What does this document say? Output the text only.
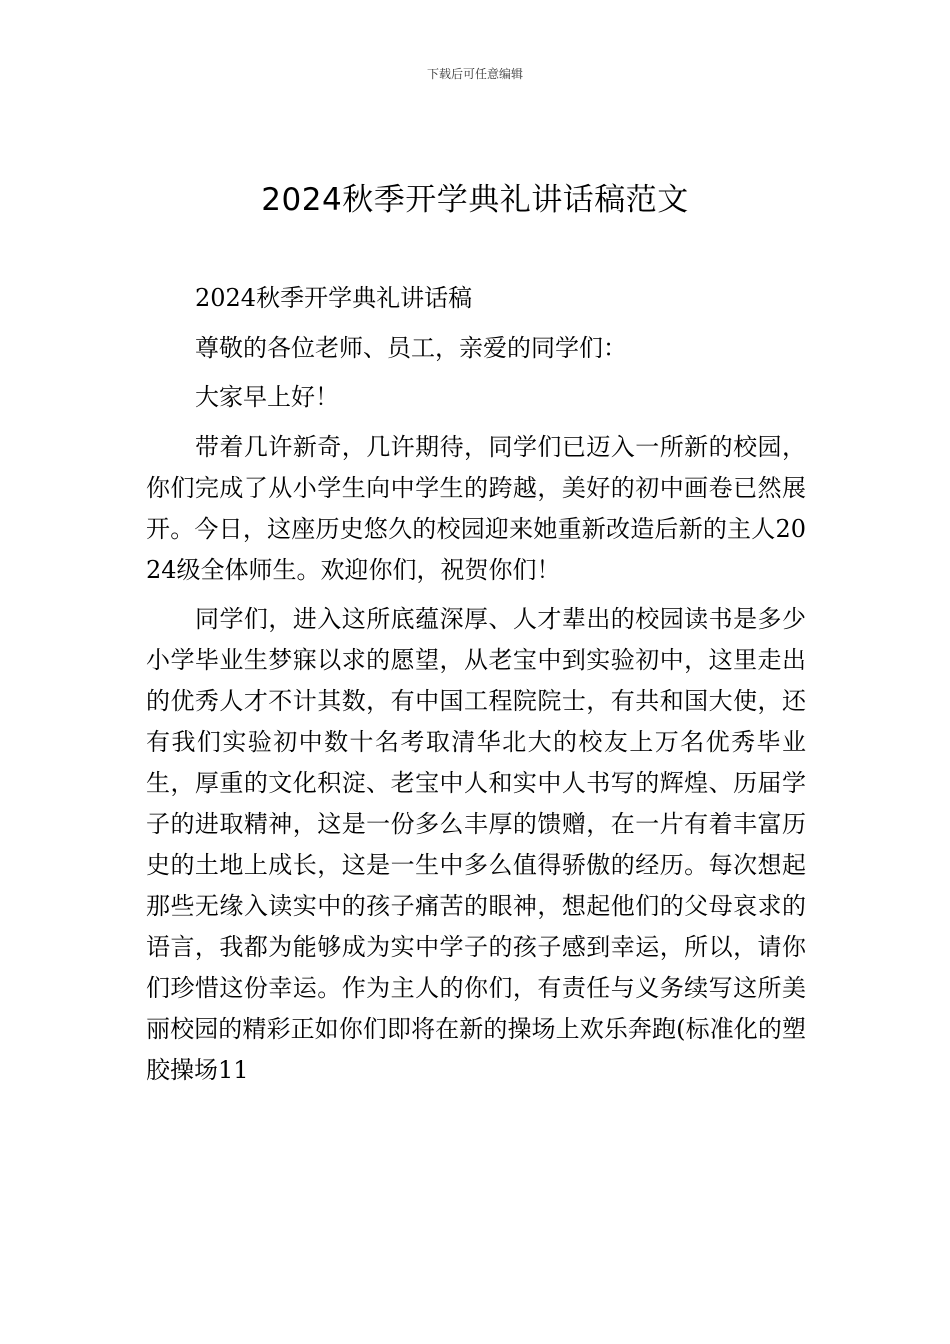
下载后可任意编辑
2024秋季开学典礼讲话稿范文

2024秋季开学典礼讲话稿

尊敬的各位老师、员工，亲爱的同学们：

大家早上好！

带着几许新奇，几许期待，同学们已迈入一所新的校园，你们完成了从小学生向中学生的跨越，美好的初中画卷已然展开。今日，这座历史悠久的校园迎来她重新改造后新的主人2024级全体师生。欢迎你们，祝贺你们！

同学们，进入这所底蕴深厚、人才辈出的校园读书是多少小学毕业生梦寐以求的愿望，从老宝中到实验初中，这里走出的优秀人才不计其数，有中国工程院院士，有共和国大使，还有我们实验初中数十名考取清华北大的校友上万名优秀毕业生，厚重的文化积淀、老宝中人和实中人书写的辉煌、历届学子的进取精神，这是一份多么丰厚的馈赠，在一片有着丰富历史的土地上成长，这是一生中多么值得骄傲的经历。每次想起那些无缘入读实中的孩子痛苦的眼神，想起他们的父母哀求的语言，我都为能够成为实中学子的孩子感到幸运，所以，请你们珍惜这份幸运。作为主人的你们，有责任与义务续写这所美丽校园的精彩正如你们即将在新的操场上欢乐奔跑(标准化的塑胶操场11
